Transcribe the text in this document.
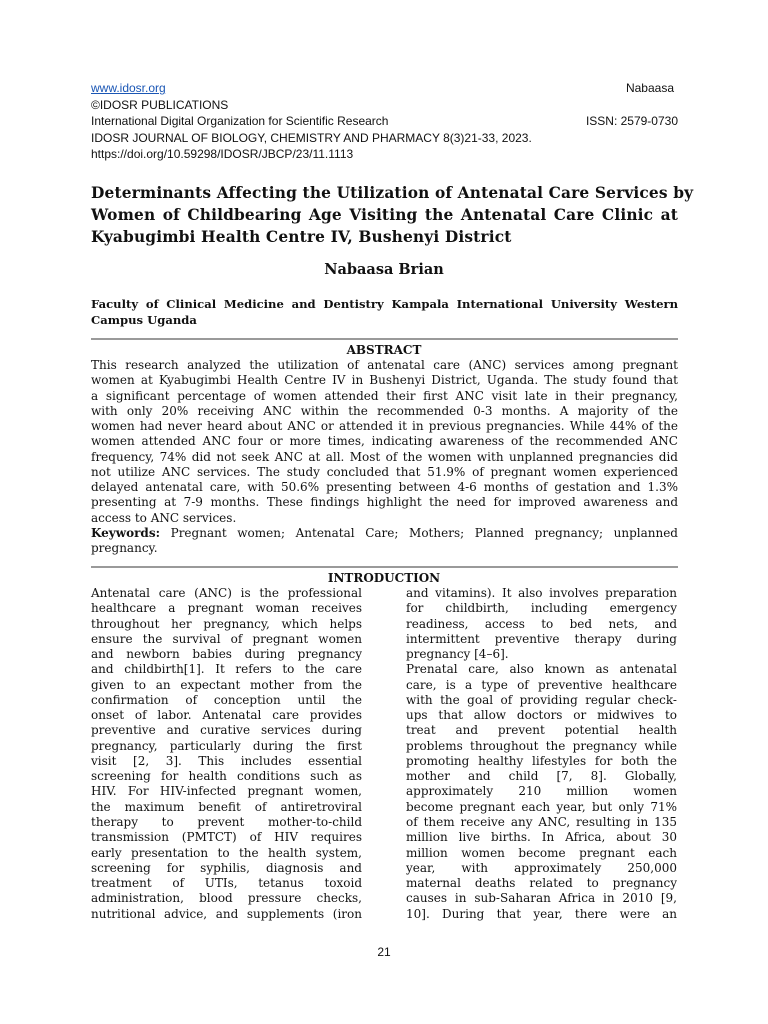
www.idosr.org	Nabaasa
©IDOSR PUBLICATIONS
International Digital Organization for Scientific Research	ISSN: 2579-0730
IDOSR JOURNAL OF BIOLOGY, CHEMISTRY AND PHARMACY 8(3)21-33, 2023.
https://doi.org/10.59298/IDOSR/JBCP/23/11.1113
Determinants Affecting the Utilization of Antenatal Care Services by
Women of Childbearing Age Visiting the Antenatal Care Clinic at
Kyabugimbi Health Centre IV, Bushenyi District
Nabaasa Brian
Faculty of Clinical Medicine and Dentistry Kampala International University Western
Campus Uganda
ABSTRACT
This research analyzed the utilization of antenatal care (ANC) services among pregnant
women at Kyabugimbi Health Centre IV in Bushenyi District, Uganda. The study found that
a significant percentage of women attended their first ANC visit late in their pregnancy,
with only 20% receiving ANC within the recommended 0-3 months. A majority of the
women had never heard about ANC or attended it in previous pregnancies. While 44% of the
women attended ANC four or more times, indicating awareness of the recommended ANC
frequency, 74% did not seek ANC at all. Most of the women with unplanned pregnancies did
not utilize ANC services. The study concluded that 51.9% of pregnant women experienced
delayed antenatal care, with 50.6% presenting between 4-6 months of gestation and 1.3%
presenting at 7-9 months. These findings highlight the need for improved awareness and
access to ANC services.
Keywords: Pregnant women; Antenatal Care; Mothers; Planned pregnancy; unplanned
pregnancy.
INTRODUCTION
Antenatal care (ANC) is the professional
healthcare a pregnant woman receives
throughout her pregnancy, which helps
ensure the survival of pregnant women
and newborn babies during pregnancy
and childbirth[1]. It refers to the care
given to an expectant mother from the
confirmation of conception until the
onset of labor. Antenatal care provides
preventive and curative services during
pregnancy, particularly during the first
visit [2, 3]. This includes essential
screening for health conditions such as
HIV. For HIV-infected pregnant women,
the maximum benefit of antiretroviral
therapy to prevent mother-to-child
transmission (PMTCT) of HIV requires
early presentation to the health system,
screening for syphilis, diagnosis and
treatment of UTIs, tetanus toxoid
administration, blood pressure checks,
nutritional advice, and supplements (iron
and vitamins). It also involves preparation
for childbirth, including emergency
readiness, access to bed nets, and
intermittent preventive therapy during
pregnancy [4–6].
Prenatal care, also known as antenatal
care, is a type of preventive healthcare
with the goal of providing regular check-
ups that allow doctors or midwives to
treat and prevent potential health
problems throughout the pregnancy while
promoting healthy lifestyles for both the
mother and child [7, 8]. Globally,
approximately 210 million women
become pregnant each year, but only 71%
of them receive any ANC, resulting in 135
million live births. In Africa, about 30
million women become pregnant each
year, with approximately 250,000
maternal deaths related to pregnancy
causes in sub-Saharan Africa in 2010 [9,
10]. During that year, there were an
21
